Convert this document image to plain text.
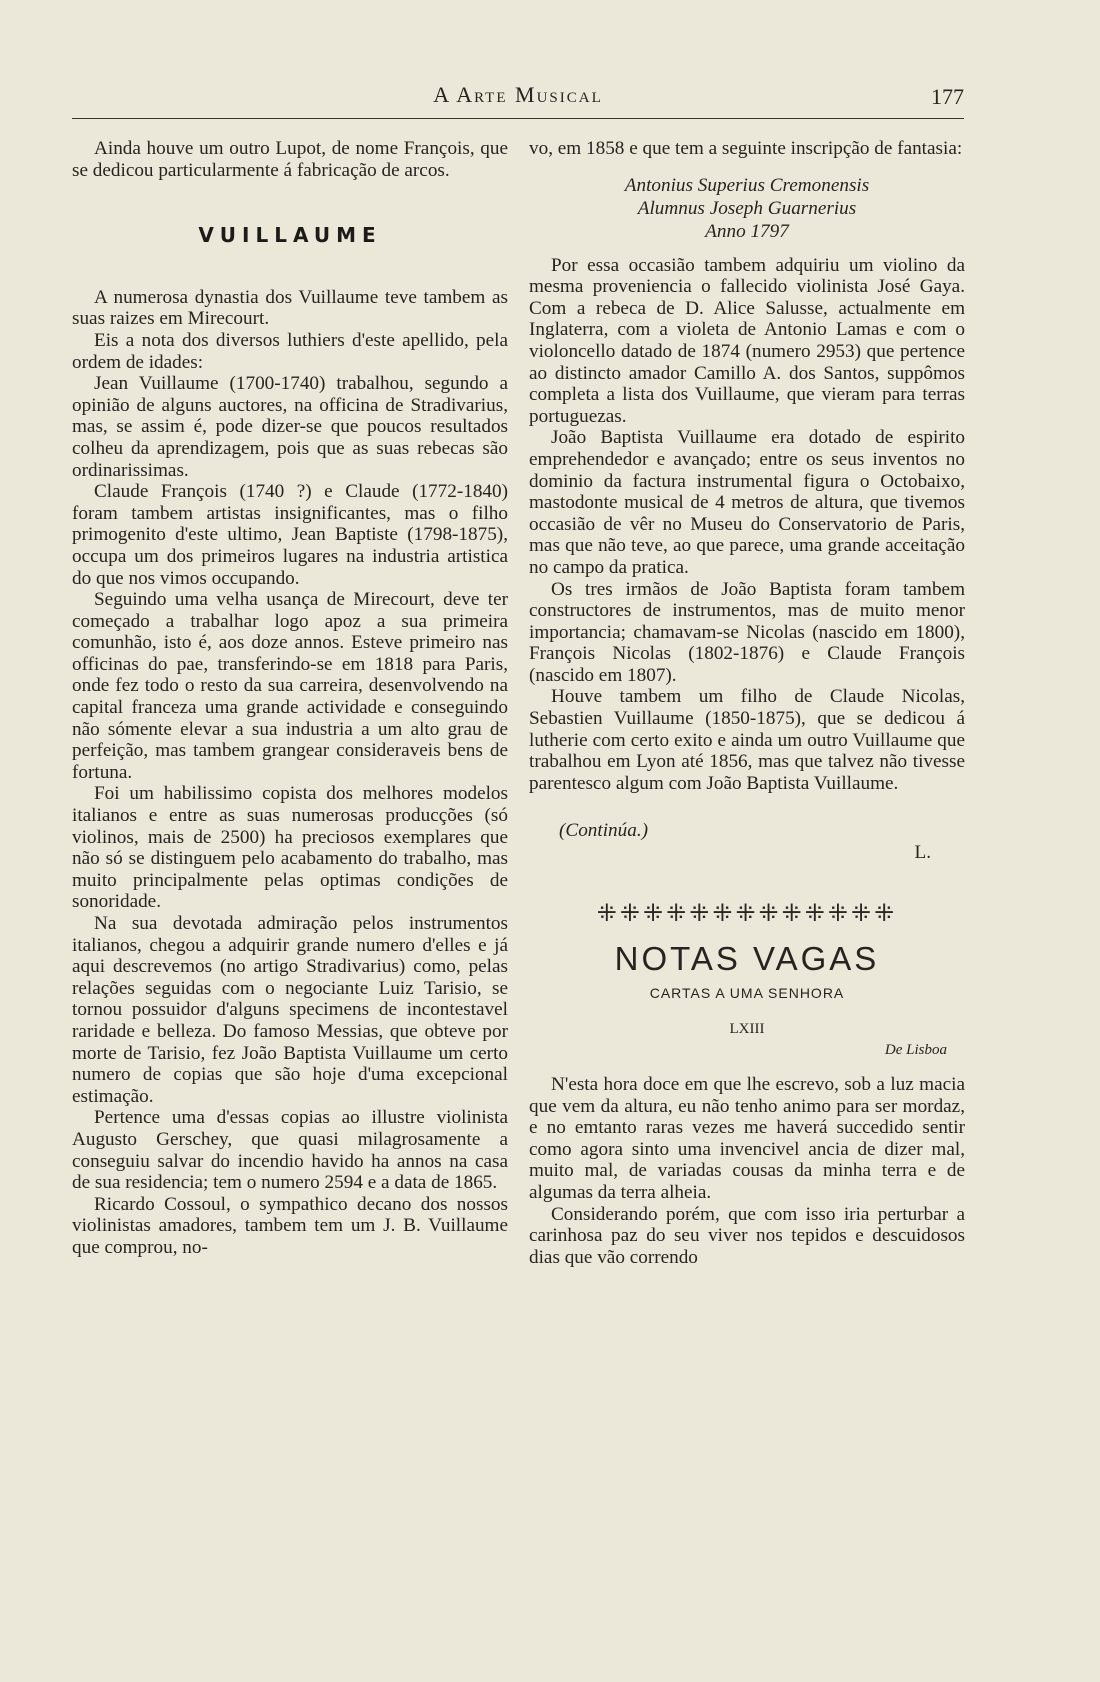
A Arte Musical	177

Ainda houve um outro Lupot, de nome François, que se dedicou particularmente á fabricação de arcos.

VUILLAUME

A numerosa dynastia dos Vuillaume teve tambem as suas raizes em Mirecourt.

Eis a nota dos diversos luthiers d'este apellido, pela ordem de idades:

Jean Vuillaume (1700-1740) trabalhou, segundo a opinião de alguns auctores, na officina de Stradivarius, mas, se assim é, pode dizer-se que poucos resultados colheu da aprendizagem, pois que as suas rebecas são ordinarissimas.

Claude François (1740 ?) e Claude (1772-1840) foram tambem artistas insignificantes, mas o filho primogenito d'este ultimo, Jean Baptiste (1798-1875), occupa um dos primeiros lugares na industria artistica do que nos vimos occupando.

Seguindo uma velha usança de Mirecourt, deve ter começado a trabalhar logo apoz a sua primeira comunhão, isto é, aos doze annos. Esteve primeiro nas officinas do pae, transferindo-se em 1818 para Paris, onde fez todo o resto da sua carreira, desenvolvendo na capital franceza uma grande actividade e conseguindo não sómente elevar a sua industria a um alto grau de perfeição, mas tambem grangear consideraveis bens de fortuna.

Foi um habilissimo copista dos melhores modelos italianos e entre as suas numerosas producções (só violinos, mais de 2500) ha preciosos exemplares que não só se distinguem pelo acabamento do trabalho, mas muito principalmente pelas optimas condições de sonoridade.

Na sua devotada admiração pelos instrumentos italianos, chegou a adquirir grande numero d'elles e já aqui descrevemos (no artigo Stradivarius) como, pelas relações seguidas com o negociante Luiz Tarisio, se tornou possuidor d'alguns specimens de incontestavel raridade e belleza. Do famoso Messias, que obteve por morte de Tarisio, fez João Baptista Vuillaume um certo numero de copias que são hoje d'uma excepcional estimação.

Pertence uma d'essas copias ao illustre violinista Augusto Gerschey, que quasi milagrosamente a conseguiu salvar do incendio havido ha annos na casa de sua residencia; tem o numero 2594 e a data de 1865.

Ricardo Cossoul, o sympathico decano dos nossos violinistas amadores, tambem tem um J. B. Vuillaume que comprou, no-

vo, em 1858 e que tem a seguinte inscripção de fantasia:

Antonius Superius Cremonensis
Alumnus Joseph Guarnerius
Anno 1797

Por essa occasião tambem adquiriu um violino da mesma proveniencia o fallecido violinista José Gaya. Com a rebeca de D. Alice Salusse, actualmente em Inglaterra, com a violeta de Antonio Lamas e com o violoncello datado de 1874 (numero 2953) que pertence ao distincto amador Camillo A. dos Santos, suppômos completa a lista dos Vuillaume, que vieram para terras portuguezas.

João Baptista Vuillaume era dotado de espirito emprehendedor e avançado; entre os seus inventos no dominio da factura instrumental figura o Octobaixo, mastodonte musical de 4 metros de altura, que tivemos occasião de vêr no Museu do Conservatorio de Paris, mas que não teve, ao que parece, uma grande acceitação no campo da pratica.

Os tres irmãos de João Baptista foram tambem constructores de instrumentos, mas de muito menor importancia; chamavam-se Nicolas (nascido em 1800), François Nicolas (1802-1876) e Claude François (nascido em 1807).

Houve tambem um filho de Claude Nicolas, Sebastien Vuillaume (1850-1875), que se dedicou á lutherie com certo exito e ainda um outro Vuillaume que trabalhou em Lyon até 1856, mas que talvez não tivesse parentesco algum com João Baptista Vuillaume.

(Continúa.)

L.

⁜⁜⁜⁜⁜⁜⁜⁜⁜⁜⁜⁜⁜
NOTAS VAGAS
CARTAS A UMA SENHORA

LXIII

De Lisboa

N'esta hora doce em que lhe escrevo, sob a luz macia que vem da altura, eu não tenho animo para ser mordaz, e no emtanto raras vezes me haverá succedido sentir como agora sinto uma invencivel ancia de dizer mal, muito mal, de variadas cousas da minha terra e de algumas da terra alheia.

Considerando porém, que com isso iria perturbar a carinhosa paz do seu viver nos tepidos e descuidosos dias que vão correndo
